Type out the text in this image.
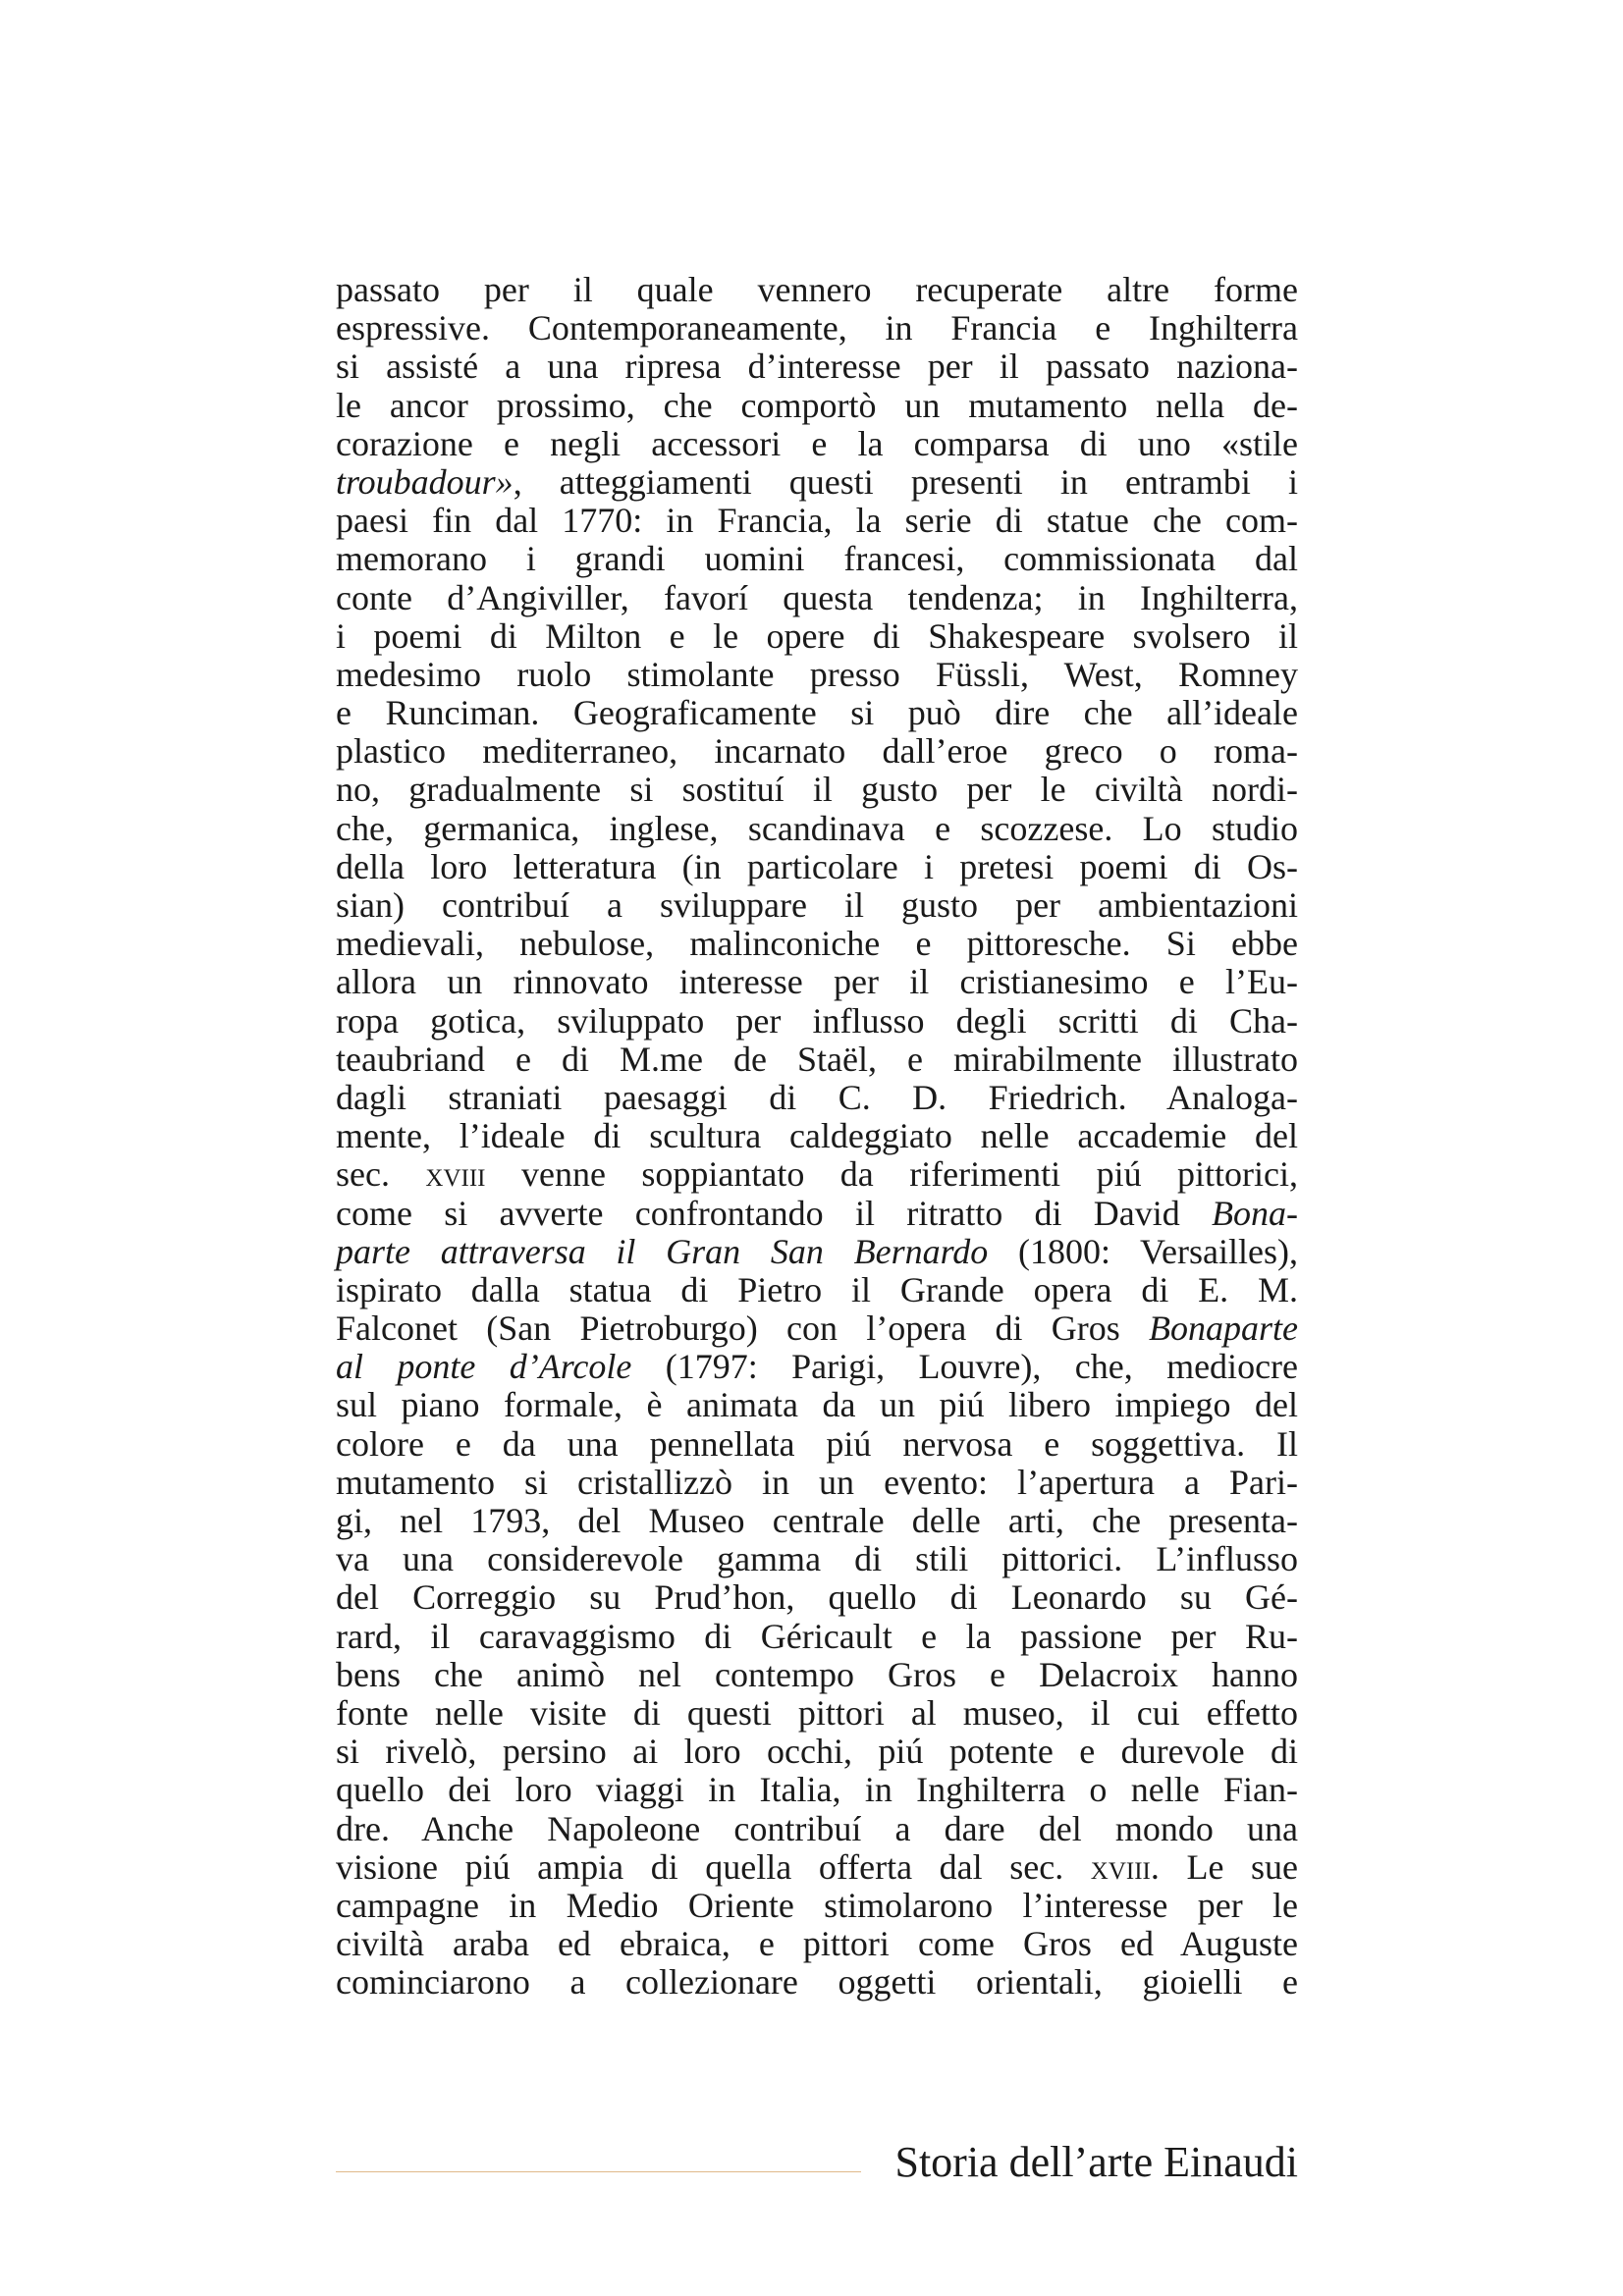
passato per il quale vennero recuperate altre forme
espressive. Contemporaneamente, in Francia e Inghilterra
si assisté a una ripresa d’interesse per il passato naziona-
le ancor prossimo, che comportò un mutamento nella de-
corazione e negli accessori e la comparsa di uno «stile
troubadour», atteggiamenti questi presenti in entrambi i
paesi fin dal 1770: in Francia, la serie di statue che com-
memorano i grandi uomini francesi, commissionata dal
conte d’Angiviller, favorí questa tendenza; in Inghilterra,
i poemi di Milton e le opere di Shakespeare svolsero il
medesimo ruolo stimolante presso Füssli, West, Romney
e Runciman. Geograficamente si può dire che all’ideale
plastico mediterraneo, incarnato dall’eroe greco o roma-
no, gradualmente si sostituí il gusto per le civiltà nordi-
che, germanica, inglese, scandinava e scozzese. Lo studio
della loro letteratura (in particolare i pretesi poemi di Os-
sian) contribuí a sviluppare il gusto per ambientazioni
medievali, nebulose, malinconiche e pittoresche. Si ebbe
allora un rinnovato interesse per il cristianesimo e l’Eu-
ropa gotica, sviluppato per influsso degli scritti di Cha-
teaubriand e di M.me de Staël, e mirabilmente illustrato
dagli straniati paesaggi di C. D. Friedrich. Analoga-
mente, l’ideale di scultura caldeggiato nelle accademie del
sec. xviii venne soppiantato da riferimenti piú pittorici,
come si avverte confrontando il ritratto di David Bona-
parte attraversa il Gran San Bernardo (1800: Versailles),
ispirato dalla statua di Pietro il Grande opera di E. M.
Falconet (San Pietroburgo) con l’opera di Gros Bonaparte
al ponte d’Arcole (1797: Parigi, Louvre), che, mediocre
sul piano formale, è animata da un piú libero impiego del
colore e da una pennellata piú nervosa e soggettiva. Il
mutamento si cristallizzò in un evento: l’apertura a Pari-
gi, nel 1793, del Museo centrale delle arti, che presenta-
va una considerevole gamma di stili pittorici. L’influsso
del Correggio su Prud’hon, quello di Leonardo su Gé-
rard, il caravaggismo di Géricault e la passione per Ru-
bens che animò nel contempo Gros e Delacroix hanno
fonte nelle visite di questi pittori al museo, il cui effetto
si rivelò, persino ai loro occhi, piú potente e durevole di
quello dei loro viaggi in Italia, in Inghilterra o nelle Fian-
dre. Anche Napoleone contribuí a dare del mondo una
visione piú ampia di quella offerta dal sec. xviii. Le sue
campagne in Medio Oriente stimolarono l’interesse per le
civiltà araba ed ebraica, e pittori come Gros ed Auguste
cominciarono a collezionare oggetti orientali, gioielli e
Storia dell’arte Einaudi
